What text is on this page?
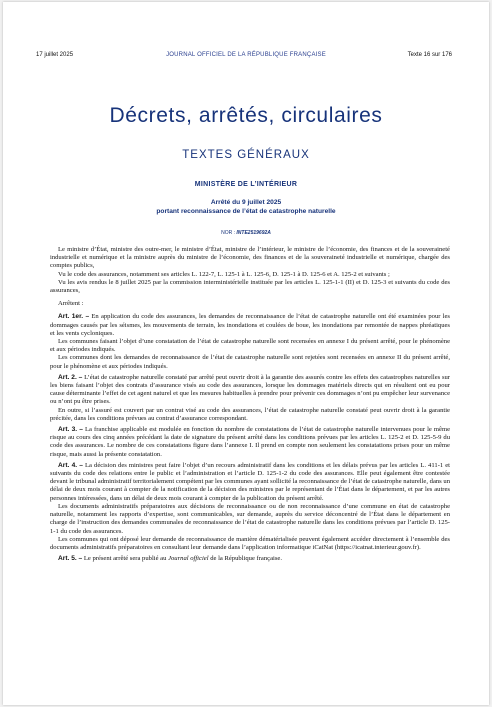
17 juillet 2025	JOURNAL OFFICIEL DE LA RÉPUBLIQUE FRANÇAISE	Texte 16 sur 176
Décrets, arrêtés, circulaires
TEXTES GÉNÉRAUX
MINISTÈRE DE L’INTÉRIEUR
Arrêté du 9 juillet 2025
portant reconnaissance de l’état de catastrophe naturelle
NOR : INTE2519692A

Le ministre d’État, ministre des outre-mer, le ministre d’État, ministre de l’intérieur, le ministre de l’économie, des finances et de la souveraineté industrielle et numérique et la ministre auprès du ministre de l’économie, des finances et de la souveraineté industrielle et numérique, chargée des comptes publics,

Vu le code des assurances, notamment ses articles L. 122-7, L. 125-1 à L. 125-6, D. 125-1 à D. 125-6 et A. 125-2 et suivants ;

Vu les avis rendus le 8 juillet 2025 par la commission interministérielle instituée par les articles L. 125-1-1 (II) et D. 125-3 et suivants du code des assurances,

Arrêtent :

Art. 1er. – En application du code des assurances, les demandes de reconnaissance de l’état de catastrophe naturelle ont été examinées pour les dommages causés par les séismes, les mouvements de terrain, les inondations et coulées de boue, les inondations par remontée de nappes phréatiques et les vents cycloniques.

Les communes faisant l’objet d’une constatation de l’état de catastrophe naturelle sont recensées en annexe I du présent arrêté, pour le phénomène et aux périodes indiqués.

Les communes dont les demandes de reconnaissance de l’état de catastrophe naturelle sont rejetées sont recensées en annexe II du présent arrêté, pour le phénomène et aux périodes indiqués.

Art. 2. – L’état de catastrophe naturelle constaté par arrêté peut ouvrir droit à la garantie des assurés contre les effets des catastrophes naturelles sur les biens faisant l’objet des contrats d’assurance visés au code des assurances, lorsque les dommages matériels directs qui en résultent ont eu pour cause déterminante l’effet de cet agent naturel et que les mesures habituelles à prendre pour prévenir ces dommages n’ont pu empêcher leur survenance ou n’ont pu être prises.

En outre, si l’assuré est couvert par un contrat visé au code des assurances, l’état de catastrophe naturelle constaté peut ouvrir droit à la garantie précitée, dans les conditions prévues au contrat d’assurance correspondant.

Art. 3. – La franchise applicable est modulée en fonction du nombre de constatations de l’état de catastrophe naturelle intervenues pour le même risque au cours des cinq années précédant la date de signature du présent arrêté dans les conditions prévues par les articles L. 125-2 et D. 125-5-9 du code des assurances. Le nombre de ces constatations figure dans l’annexe I. Il prend en compte non seulement les constatations prises pour un même risque, mais aussi la présente constatation.

Art. 4. – La décision des ministres peut faire l’objet d’un recours administratif dans les conditions et les délais prévus par les articles L. 411-1 et suivants du code des relations entre le public et l’administration et l’article D. 125-1-2 du code des assurances. Elle peut également être contestée devant le tribunal administratif territorialement compétent par les communes ayant sollicité la reconnaissance de l’état de catastrophe naturelle, dans un délai de deux mois courant à compter de la notification de la décision des ministres par le représentant de l’État dans le département, et par les autres personnes intéressées, dans un délai de deux mois courant à compter de la publication du présent arrêté.

Les documents administratifs préparatoires aux décisions de reconnaissance ou de non reconnaissance d’une commune en état de catastrophe naturelle, notamment les rapports d’expertise, sont communicables, sur demande, auprès du service déconcentré de l’État dans le département en charge de l’instruction des demandes communales de reconnaissance de l’état de catastrophe naturelle dans les conditions prévues par l’article D. 125-1-1 du code des assurances.

Les communes qui ont déposé leur demande de reconnaissance de manière dématérialisée peuvent également accéder directement à l’ensemble des documents administratifs préparatoires en consultant leur demande dans l’application informatique iCatNat (https://icatnat.interieur.gouv.fr).

Art. 5. – Le présent arrêté sera publié au Journal officiel de la République française.
